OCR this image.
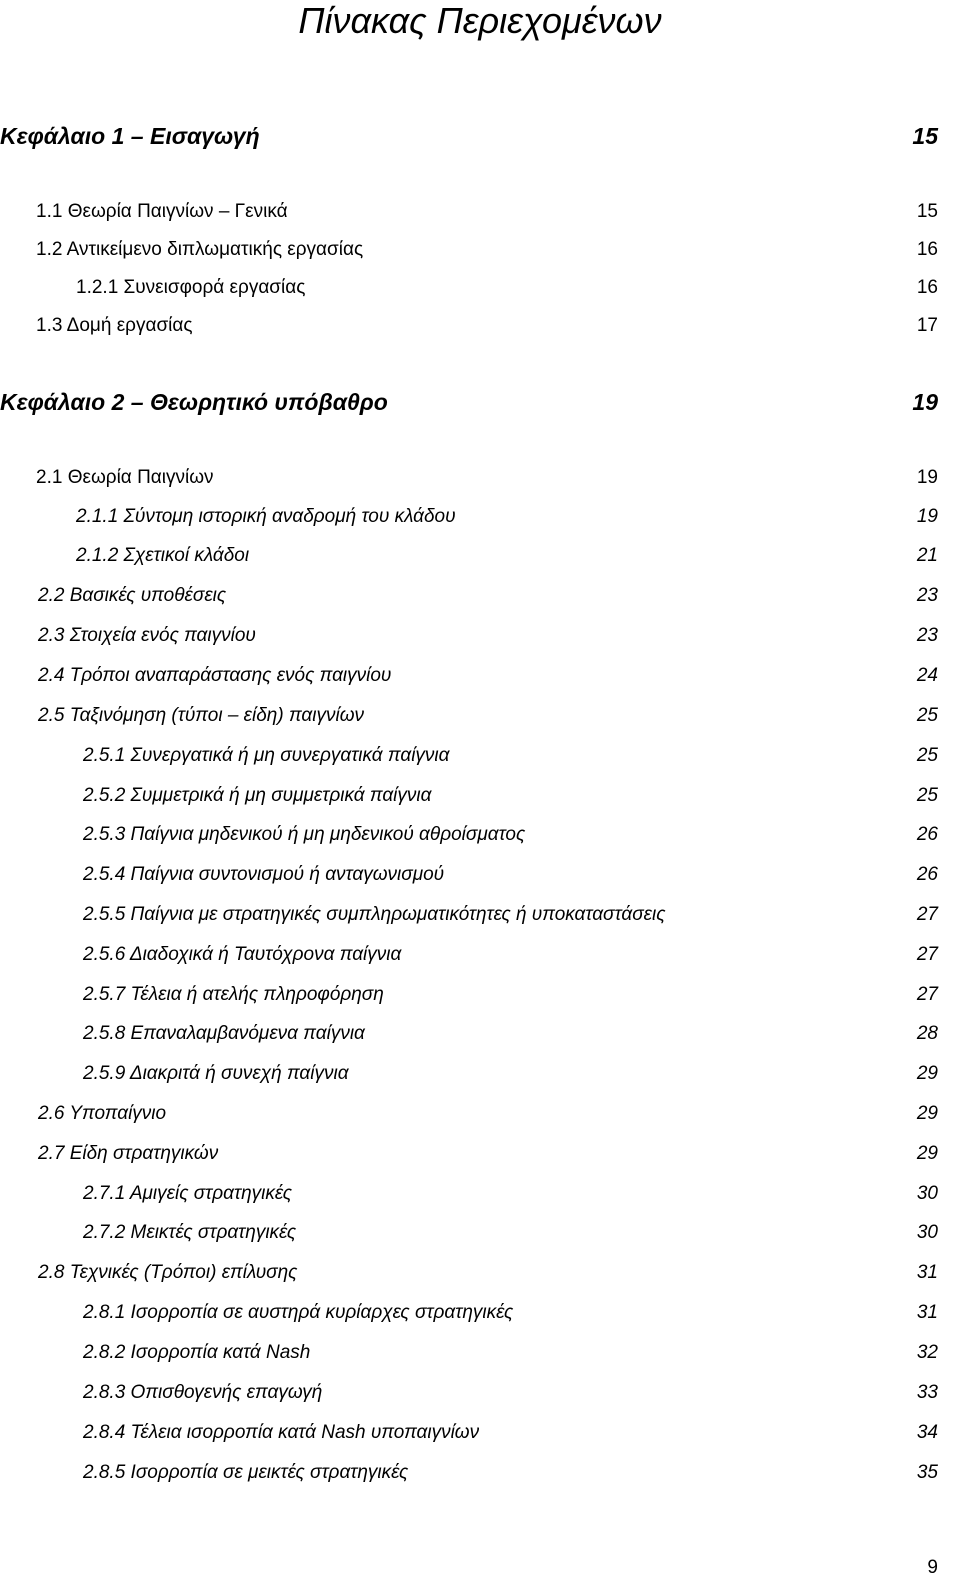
Πίνακας Περιεχομένων
Κεφάλαιο 1 – Εισαγωγή	15
1.1 Θεωρία Παιγνίων – Γενικά	15
1.2 Αντικείμενο διπλωματικής εργασίας	16
1.2.1 Συνεισφορά εργασίας	16
1.3 Δομή εργασίας	17
Κεφάλαιο 2 – Θεωρητικό υπόβαθρο	19
2.1 Θεωρία Παιγνίων	19
2.1.1 Σύντομη ιστορική αναδρομή του κλάδου	19
2.1.2 Σχετικοί κλάδοι	21
2.2 Βασικές υποθέσεις	23
2.3 Στοιχεία ενός παιγνίου	23
2.4 Τρόποι αναπαράστασης ενός παιγνίου	24
2.5 Ταξινόμηση (τύποι – είδη) παιγνίων	25
2.5.1 Συνεργατικά ή μη συνεργατικά παίγνια	25
2.5.2 Συμμετρικά ή μη συμμετρικά παίγνια	25
2.5.3 Παίγνια μηδενικού ή μη μηδενικού αθροίσματος	26
2.5.4 Παίγνια συντονισμού ή ανταγωνισμού	26
2.5.5 Παίγνια με στρατηγικές συμπληρωματικότητες ή υποκαταστάσεις	27
2.5.6 Διαδοχικά ή Ταυτόχρονα παίγνια	27
2.5.7 Τέλεια ή ατελής πληροφόρηση	27
2.5.8 Επαναλαμβανόμενα παίγνια	28
2.5.9 Διακριτά ή συνεχή παίγνια	29
2.6 Υποπαίγνιο	29
2.7 Είδη στρατηγικών	29
2.7.1 Αμιγείς στρατηγικές	30
2.7.2 Μεικτές στρατηγικές	30
2.8 Τεχνικές (Τρόποι) επίλυσης	31
2.8.1 Ισορροπία σε αυστηρά κυρίαρχες στρατηγικές	31
2.8.2 Ισορροπία κατά Nash	32
2.8.3 Οπισθογενής επαγωγή	33
2.8.4 Τέλεια ισορροπία κατά Nash υποπαιγνίων	34
2.8.5 Ισορροπία σε μεικτές στρατηγικές	35
9
